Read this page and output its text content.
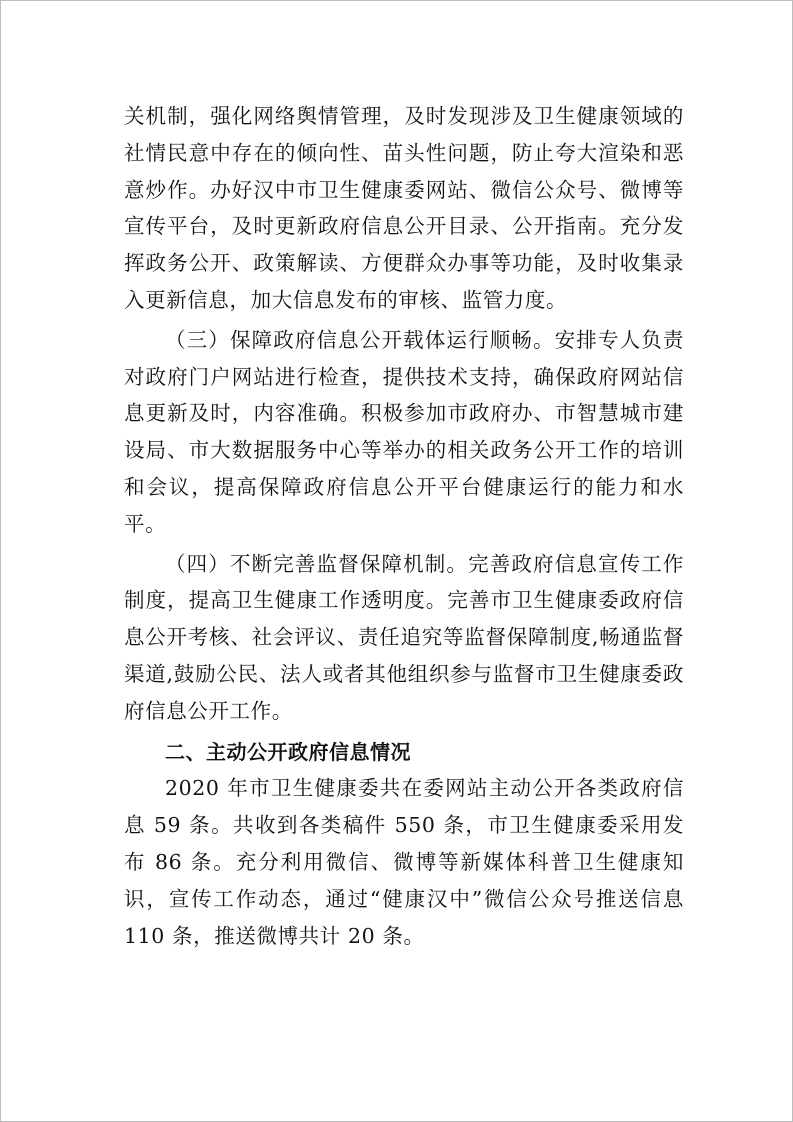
关机制，强化网络舆情管理，及时发现涉及卫生健康领域的社情民意中存在的倾向性、苗头性问题，防止夸大渲染和恶意炒作。办好汉中市卫生健康委网站、微信公众号、微博等宣传平台，及时更新政府信息公开目录、公开指南。充分发挥政务公开、政策解读、方便群众办事等功能，及时收集录入更新信息，加大信息发布的审核、监管力度。

（三）保障政府信息公开载体运行顺畅。安排专人负责对政府门户网站进行检查，提供技术支持，确保政府网站信息更新及时，内容准确。积极参加市政府办、市智慧城市建设局、市大数据服务中心等举办的相关政务公开工作的培训和会议，提高保障政府信息公开平台健康运行的能力和水平。

（四）不断完善监督保障机制。完善政府信息宣传工作制度，提高卫生健康工作透明度。完善市卫生健康委政府信息公开考核、社会评议、责任追究等监督保障制度,畅通监督渠道,鼓励公民、法人或者其他组织参与监督市卫生健康委政府信息公开工作。

二、主动公开政府信息情况

2020 年市卫生健康委共在委网站主动公开各类政府信息 59 条。共收到各类稿件 550 条，市卫生健康委采用发布 86 条。充分利用微信、微博等新媒体科普卫生健康知识，宣传工作动态，通过“健康汉中”微信公众号推送信息 110 条，推送微博共计 20 条。
